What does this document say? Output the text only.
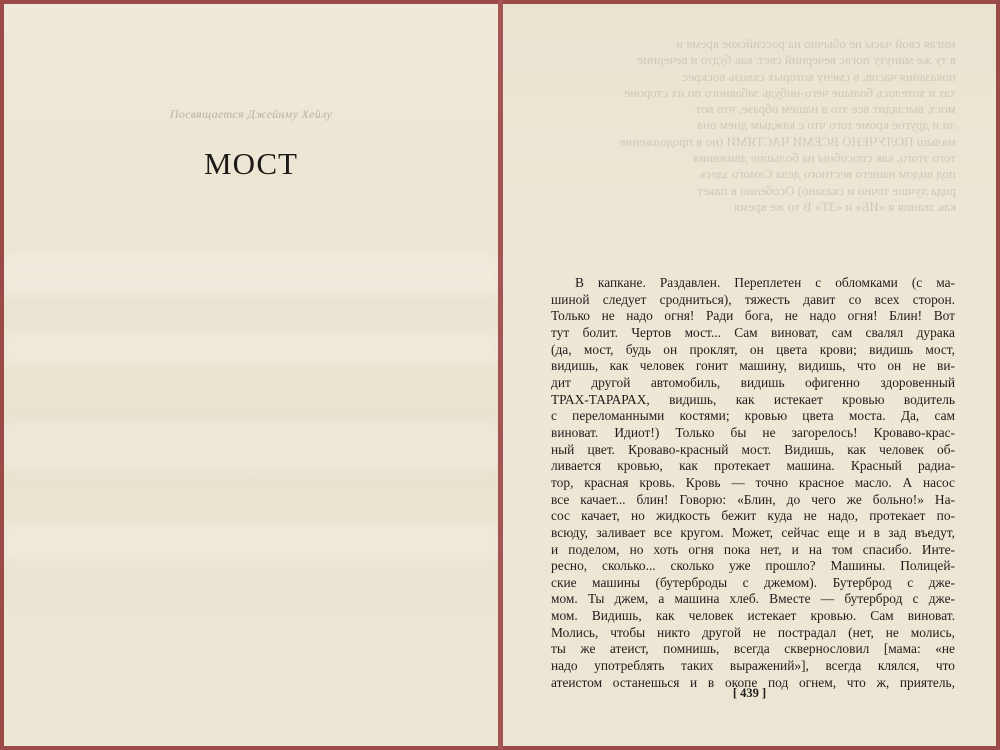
Посвящается Джейнму Хейлу
МОСТ
мигая свой часы не обычно на российское время и
в ту же минуту погас вечерний свет, как будто и вечерние
показания часов, в смену которых сквозь воскрес
хат и хотелось больше чего-нибудь забавного по их стороне
мост, выглядит все это в нашем образе, что вот
ли и другое кроме того что с каждым днем она
малыш ПОЛУЧЕНО ВСЕМИ ЧАСТЯМИ (но в продолжение
того этого, как способны на большие движения
под видом нашего вестного дела Самого здесь
рода лучше точно и сказано) Особенно в пакет
как звания я «ИБ» и «ЗТ» В то же время
В капкане. Раздавлен. Переплетен с обломками (с ма-
шиной следует сродниться), тяжесть давит со всех сторон.
Только не надо огня! Ради бога, не надо огня! Блин! Вот
тут болит. Чертов мост... Сам виноват, сам свалял дурака
(да, мост, будь он проклят, он цвета крови; видишь мост,
видишь, как человек гонит машину, видишь, что он не ви-
дит другой автомобиль, видишь офигенно здоровенный
ТРАХ-ТАРАРАХ, видишь, как истекает кровью водитель
с переломанными костями; кровью цвета моста. Да, сам
виноват. Идиот!) Только бы не загорелось! Кроваво-крас-
ный цвет. Кроваво-красный мост. Видишь, как человек об-
ливается кровью, как протекает машина. Красный радиа-
тор, красная кровь. Кровь — точно красное масло. А насос
все качает... блин! Говорю: «Блин, до чего же больно!» На-
сос качает, но жидкость бежит куда не надо, протекает по-
всюду, заливает все кругом. Может, сейчас еще и в зад въедут,
и поделом, но хоть огня пока нет, и на том спасибо. Инте-
ресно, сколько... сколько уже прошло? Машины. Полицей-
ские машины (бутерброды с джемом). Бутерброд с дже-
мом. Ты джем, а машина хлеб. Вместе — бутерброд с дже-
мом. Видишь, как человек истекает кровью. Сам виноват.
Молись, чтобы никто другой не пострадал (нет, не молись,
ты же атеист, помнишь, всегда сквернословил [мама: «не
надо употреблять таких выражений»], всегда клялся, что
атеистом останешься и в окопе под огнем, что ж, приятель,
[ 439 ]
